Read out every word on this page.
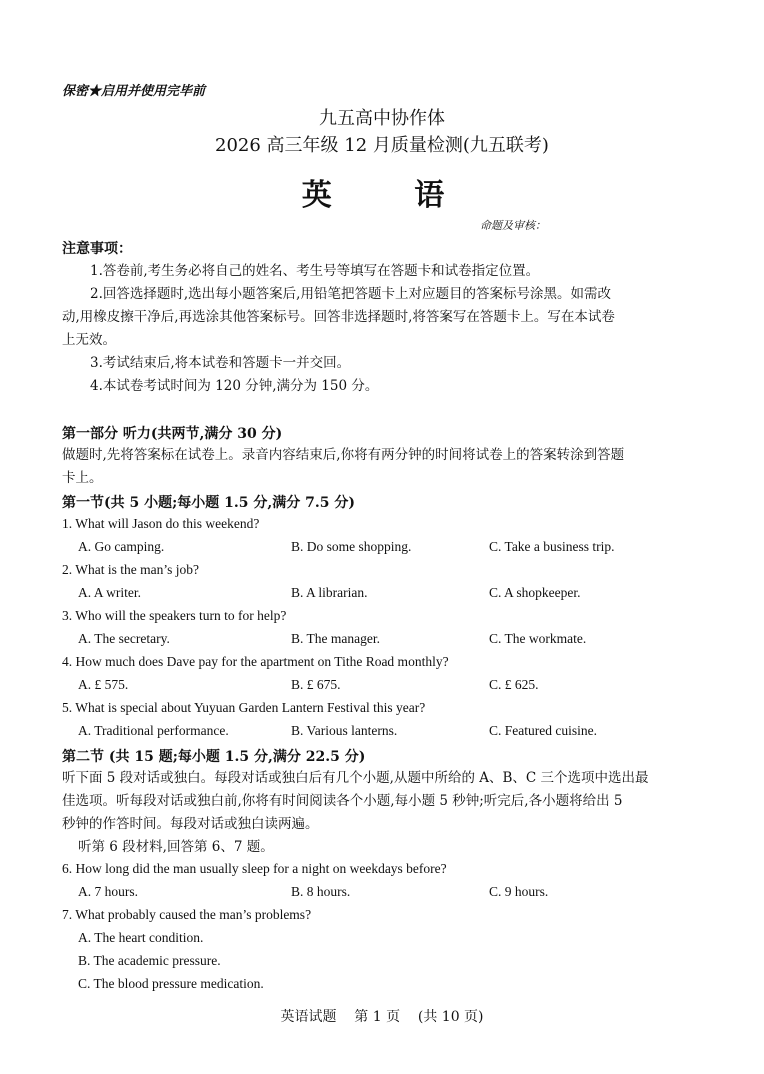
保密★启用并使用完毕前
九五高中协作体
2026 高三年级 12 月质量检测(九五联考)
英 语
命题及审核：
注意事项：
1.答卷前,考生务必将自己的姓名、考生号等填写在答题卡和试卷指定位置。
2.回答选择题时,选出每小题答案后,用铅笔把答题卡上对应题目的答案标号涂黑。如需改
动,用橡皮擦干净后,再选涂其他答案标号。回答非选择题时,将答案写在答题卡上。写在本试卷
上无效。
3.考试结束后,将本试卷和答题卡一并交回。
4.本试卷考试时间为 120 分钟,满分为 150 分。
第一部分 听力(共两节,满分 30 分)
做题时,先将答案标在试卷上。录音内容结束后,你将有两分钟的时间将试卷上的答案转涂到答题
卡上。
第一节(共 5 小题;每小题 1.5 分,满分 7.5 分)
1. What will Jason do this weekend?
A. Go camping.	B. Do some shopping.	C. Take a business trip.
2. What is the man’s job?
A. A writer.	B. A librarian.	C. A shopkeeper.
3. Who will the speakers turn to for help?
A. The secretary.	B. The manager.	C. The workmate.
4. How much does Dave pay for the apartment on Tithe Road monthly?
A. £ 575.	B. £ 675.	C. £ 625.
5. What is special about Yuyuan Garden Lantern Festival this year?
A. Traditional performance.	B. Various lanterns.	C. Featured cuisine.
第二节 (共 15 题;每小题 1.5 分,满分 22.5 分)
听下面 5 段对话或独白。每段对话或独白后有几个小题,从题中所给的 A、B、C 三个选项中选出最
佳选项。听每段对话或独白前,你将有时间阅读各个小题,每小题 5 秒钟;听完后,各小题将给出 5
秒钟的作答时间。每段对话或独白读两遍。
听第 6 段材料,回答第 6、7 题。
6. How long did the man usually sleep for a night on weekdays before?
A. 7 hours.	B. 8 hours.	C. 9 hours.
7. What probably caused the man’s problems?
A. The heart condition.
B. The academic pressure.
C. The blood pressure medication.
英语试题    第 1 页    (共 10 页)
